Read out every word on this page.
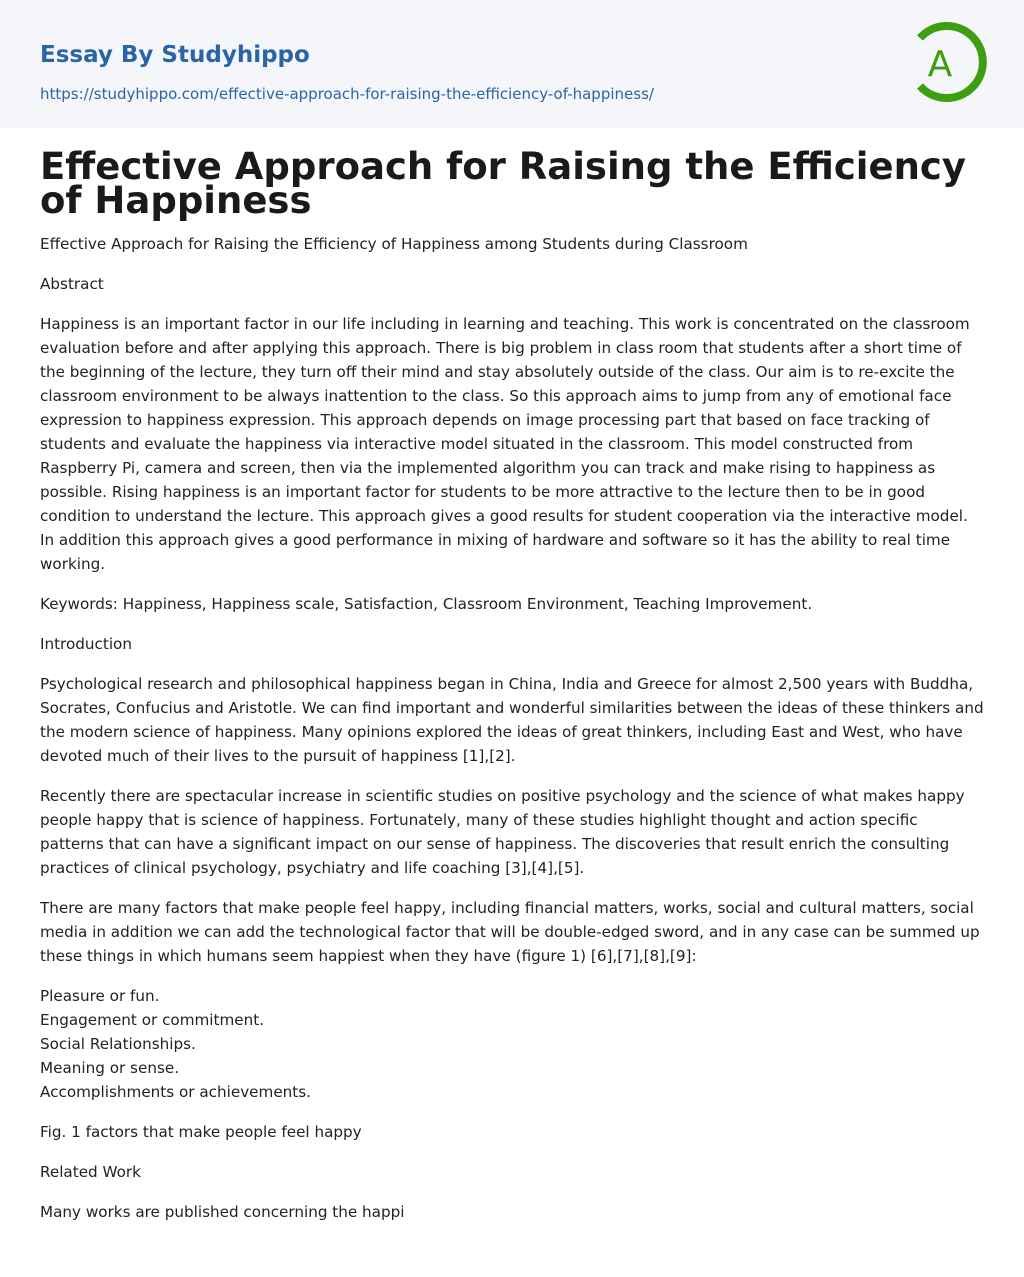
Essay By Studyhippo
https://studyhippo.com/effective-approach-for-raising-the-efficiency-of-happiness/
A
Effective Approach for Raising the Efficiency of Happiness

Effective Approach for Raising the Efficiency of Happiness among Students during Classroom

Abstract

Happiness is an important factor in our life including in learning and teaching. This work is concentrated on the classroom evaluation before and after applying this approach. There is big problem in class room that students after a short time of the beginning of the lecture, they turn off their mind and stay absolutely outside of the class. Our aim is to re-excite the classroom environment to be always inattention to the class. So this approach aims to jump from any of emotional face expression to happiness expression. This approach depends on image processing part that based on face tracking of students and evaluate the happiness via interactive model situated in the classroom. This model constructed from Raspberry Pi, camera and screen, then via the implemented algorithm you can track and make rising to happiness as possible. Rising happiness is an important factor for students to be more attractive to the lecture then to be in good condition to understand the lecture. This approach gives a good results for student cooperation via the interactive model. In addition this approach gives a good performance in mixing of hardware and software so it has the ability to real time working.

Keywords: Happiness, Happiness scale, Satisfaction, Classroom Environment, Teaching Improvement.

Introduction

Psychological research and philosophical happiness began in China, India and Greece for almost 2,500 years with Buddha, Socrates, Confucius and Aristotle. We can find important and wonderful similarities between the ideas of these thinkers and the modern science of happiness. Many opinions explored the ideas of great thinkers, including East and West, who have devoted much of their lives to the pursuit of happiness [1],[2].

Recently there are spectacular increase in scientific studies on positive psychology and the science of what makes happy people happy that is science of happiness. Fortunately, many of these studies highlight thought and action specific patterns that can have a significant impact on our sense of happiness. The discoveries that result enrich the consulting practices of clinical psychology, psychiatry and life coaching [3],[4],[5].

There are many factors that make people feel happy, including financial matters, works, social and cultural matters, social media in addition we can add the technological factor that will be double-edged sword, and in any case can be summed up these things in which humans seem happiest when they have (figure 1) [6],[7],[8],[9]:

Pleasure or fun.
Engagement or commitment.
Social Relationships.
Meaning or sense.
Accomplishments or achievements.

Fig. 1 factors that make people feel happy

Related Work

Many works are published concerning the happi
